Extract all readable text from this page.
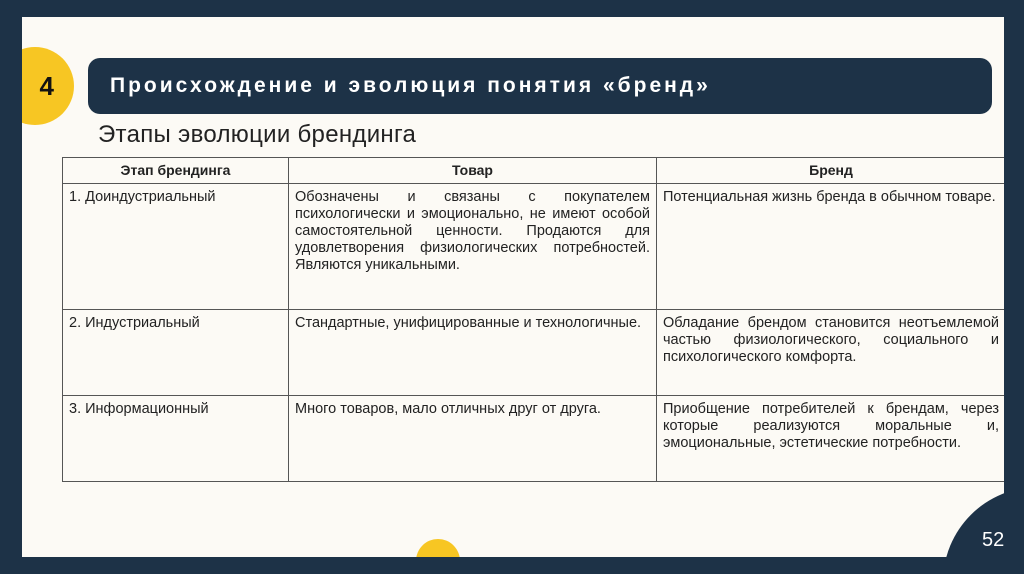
4	Происхождение и эволюция понятия «бренд»
Этапы эволюции брендинга
Этап брендинга	Товар	Бренд
1. Доиндустриальный	Обозначены и связаны с покупателем психологически и эмоционально, не имеют особой самостоятельной ценности. Продаются для удовлетворения физиологических потребностей. Являются уникальными.	Потенциальная жизнь бренда в обычном товаре.
2. Индустриальный	Стандартные, унифицированные и технологичные.	Обладание брендом становится неотъемлемой частью физиологического, социального и психологического комфорта.
3. Информационный	Много товаров, мало отличных друг от друга.	Приобщение потребителей к брендам, через которые реализуются моральные и, эмоциональные, эстетические потребности.
52
